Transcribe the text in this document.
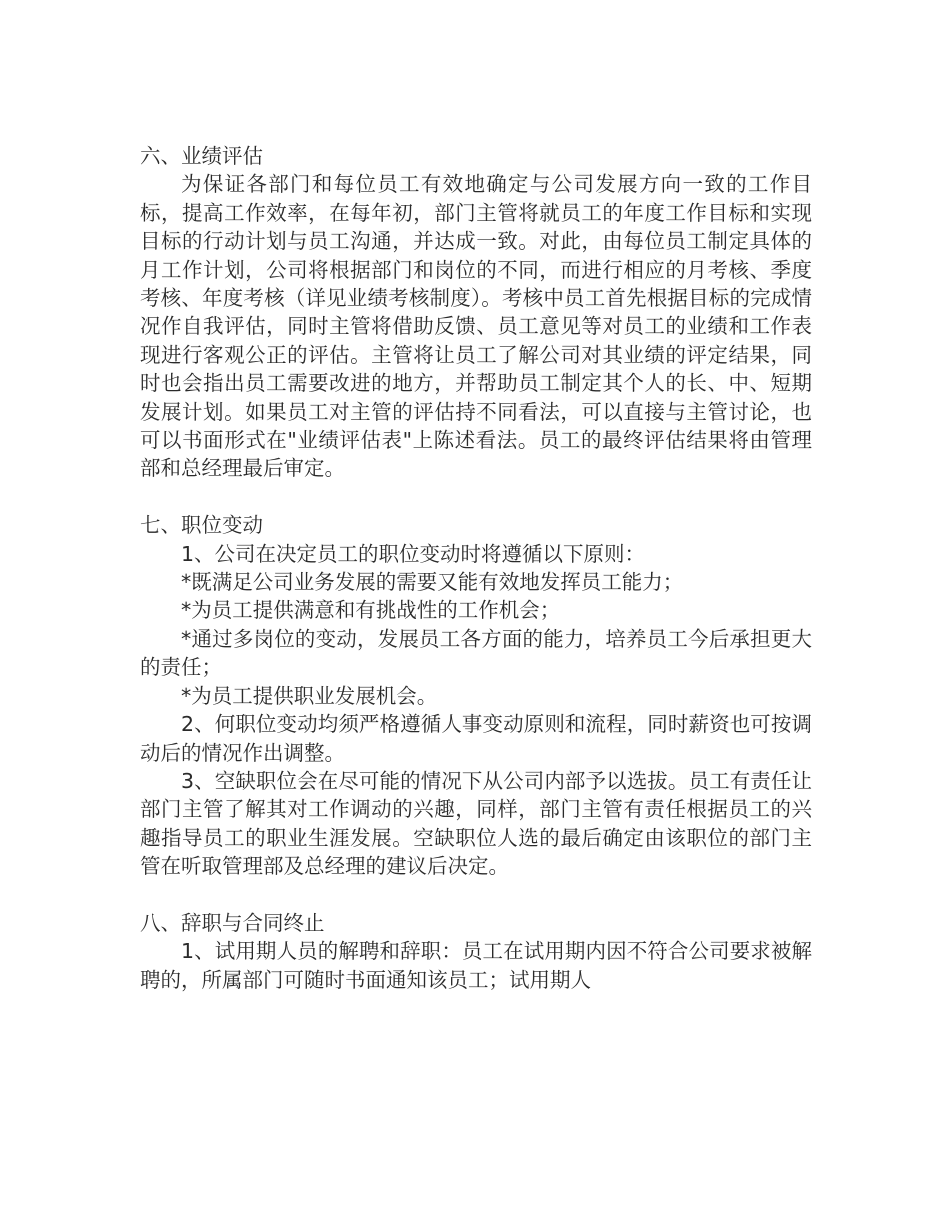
六、业绩评估

为保证各部门和每位员工有效地确定与公司发展方向一致的工作目标，提高工作效率，在每年初，部门主管将就员工的年度工作目标和实现目标的行动计划与员工沟通，并达成一致。对此，由每位员工制定具体的月工作计划，公司将根据部门和岗位的不同，而进行相应的月考核、季度考核、年度考核（详见业绩考核制度）。考核中员工首先根据目标的完成情况作自我评估，同时主管将借助反馈、员工意见等对员工的业绩和工作表现进行客观公正的评估。主管将让员工了解公司对其业绩的评定结果，同时也会指出员工需要改进的地方，并帮助员工制定其个人的长、中、短期发展计划。如果员工对主管的评估持不同看法，可以直接与主管讨论，也可以书面形式在"业绩评估表"上陈述看法。员工的最终评估结果将由管理部和总经理最后审定。

七、职位变动

1、公司在决定员工的职位变动时将遵循以下原则：

*既满足公司业务发展的需要又能有效地发挥员工能力；

*为员工提供满意和有挑战性的工作机会；

*通过多岗位的变动，发展员工各方面的能力，培养员工今后承担更大的责任；

*为员工提供职业发展机会。

2、何职位变动均须严格遵循人事变动原则和流程，同时薪资也可按调动后的情况作出调整。

3、空缺职位会在尽可能的情况下从公司内部予以选拔。员工有责任让部门主管了解其对工作调动的兴趣，同样，部门主管有责任根据员工的兴趣指导员工的职业生涯发展。空缺职位人选的最后确定由该职位的部门主管在听取管理部及总经理的建议后决定。

八、辞职与合同终止

1、试用期人员的解聘和辞职：员工在试用期内因不符合公司要求被解聘的，所属部门可随时书面通知该员工；试用期人
